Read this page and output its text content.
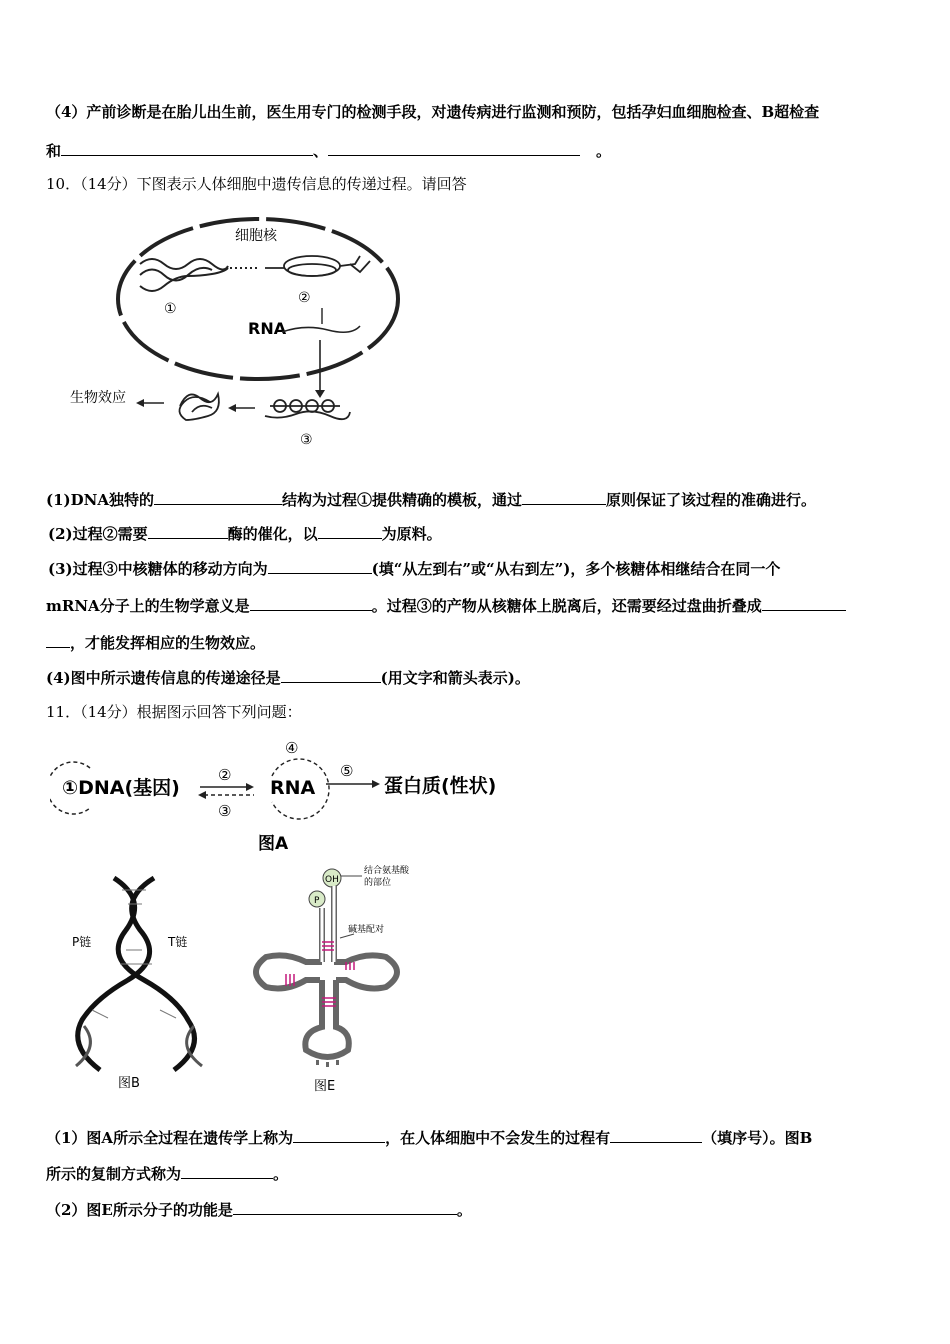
（4）产前诊断是在胎儿出生前，医生用专门的检测手段，对遗传病进行监测和预防，包括孕妇血细胞检查、B超检查
和	、	。
10．（14分）下图表示人体细胞中遗传信息的传递过程。请回答
细胞核
①
②
RNA
③
生物效应
(1)DNA独特的	结构为过程①提供精确的模板，通过	原则保证了该过程的准确进行。
(2)过程②需要	酶的催化，以	为原料。
(3)过程③中核糖体的移动方向为	(填“从左到右”或“从右到左”)，多个核糖体相继结合在同一个
mRNA分子上的生物学意义是	。过程③的产物从核糖体上脱离后，还需要经过盘曲折叠成
，才能发挥相应的生物效应。
(4)图中所示遗传信息的传递途径是	(用文字和箭头表示)。
11．（14分）根据图示回答下列问题：
①DNA(基因)
②
③
④
RNA
⑤
蛋白质(性状)
图A
P链	T链
图B
OH
结合氨基酸
的部位
P
碱基配对
图E
（1）图A所示全过程在遗传学上称为	，在人体细胞中不会发生的过程有	（填序号）。图B
所示的复制方式称为	。
（2）图E所示分子的功能是	。
